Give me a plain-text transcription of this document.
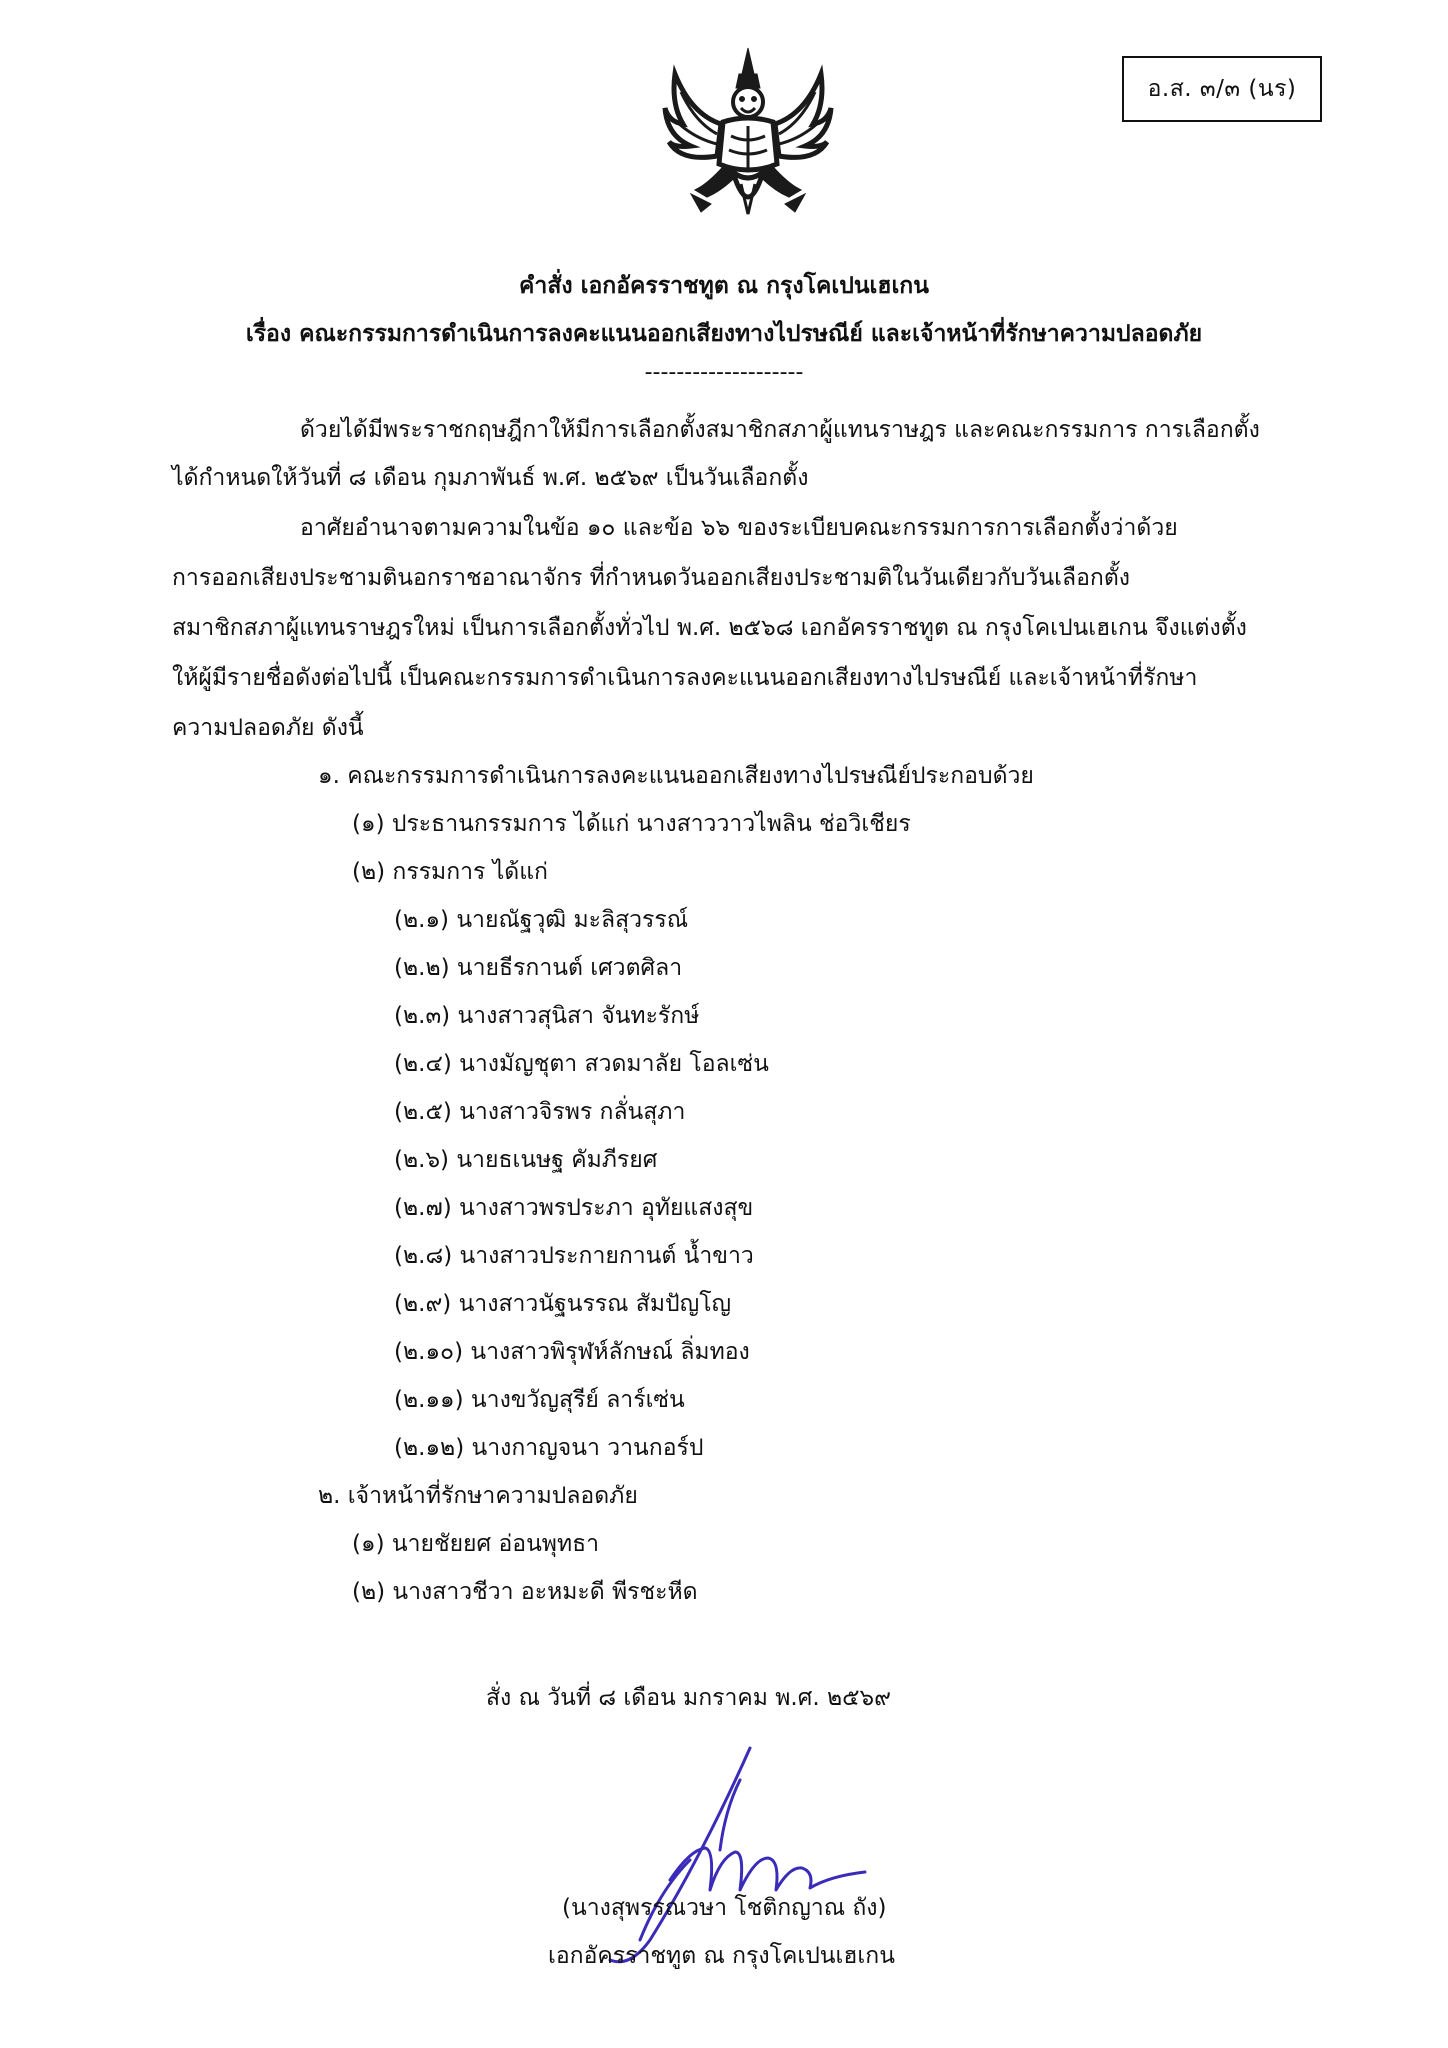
อ.ส. ๓/๓ (นร)
คำสั่ง เอกอัครราชทูต ณ กรุงโคเปนเฮเกน
เรื่อง คณะกรรมการดำเนินการลงคะแนนออกเสียงทางไปรษณีย์ และเจ้าหน้าที่รักษาความปลอดภัย
--------------------
ด้วยได้มีพระราชกฤษฎีกาให้มีการเลือกตั้งสมาชิกสภาผู้แทนราษฎร และคณะกรรมการ การเลือกตั้ง
ได้กำหนดให้วันที่ ๘ เดือน กุมภาพันธ์ พ.ศ. ๒๕๖๙ เป็นวันเลือกตั้ง
อาศัยอำนาจตามความในข้อ ๑๐ และข้อ ๖๖ ของระเบียบคณะกรรมการการเลือกตั้งว่าด้วย
การออกเสียงประชามตินอกราชอาณาจักร ที่กำหนดวันออกเสียงประชามติในวันเดียวกับวันเลือกตั้ง
สมาชิกสภาผู้แทนราษฎรใหม่ เป็นการเลือกตั้งทั่วไป พ.ศ. ๒๕๖๘ เอกอัครราชทูต ณ กรุงโคเปนเฮเกน จึงแต่งตั้ง
ให้ผู้มีรายชื่อดังต่อไปนี้ เป็นคณะกรรมการดำเนินการลงคะแนนออกเสียงทางไปรษณีย์ และเจ้าหน้าที่รักษา
ความปลอดภัย ดังนี้
๑. คณะกรรมการดำเนินการลงคะแนนออกเสียงทางไปรษณีย์ประกอบด้วย
(๑) ประธานกรรมการ ได้แก่ นางสาววาวไพลิน ช่อวิเชียร
(๒) กรรมการ ได้แก่
(๒.๑) นายณัฐวุฒิ มะลิสุวรรณ์
(๒.๒) นายธีรกานต์ เศวตศิลา
(๒.๓) นางสาวสุนิสา จันทะรักษ์
(๒.๔) นางมัญชุตา สวดมาลัย โอลเซ่น
(๒.๕) นางสาวจิรพร กลั่นสุภา
(๒.๖) นายธเนษฐ คัมภีรยศ
(๒.๗) นางสาวพรประภา อุทัยแสงสุข
(๒.๘) นางสาวประกายกานต์ น้ำขาว
(๒.๙) นางสาวนัฐนรรณ สัมปัญโญ
(๒.๑๐) นางสาวพิรุฬห์ลักษณ์ ลิ่มทอง
(๒.๑๑) นางขวัญสุรีย์ ลาร์เซ่น
(๒.๑๒) นางกาญจนา วานกอร์ป
๒. เจ้าหน้าที่รักษาความปลอดภัย
(๑) นายชัยยศ อ่อนพุทธา
(๒) นางสาวชีวา อะหมะดี พีรชะหีด
สั่ง ณ วันที่ ๘ เดือน มกราคม พ.ศ. ๒๕๖๙
(นางสุพรรณวษา โชติกญาณ ถัง)
เอกอัครราชทูต ณ กรุงโคเปนเฮเกน
